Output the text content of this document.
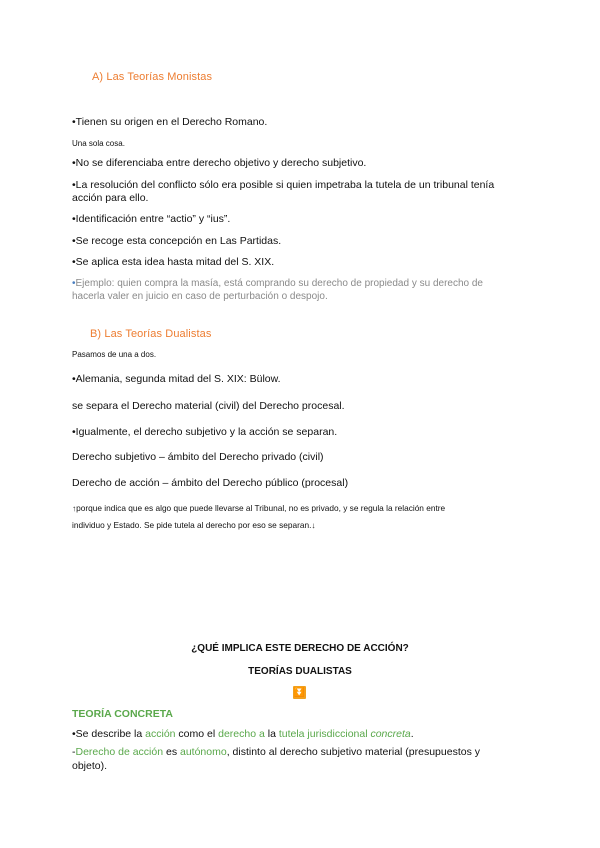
A) Las Teorías Monistas
•Tienen su origen en el Derecho Romano.
Una sola cosa.
•No se diferenciaba entre derecho objetivo y derecho subjetivo.
•La resolución del conflicto sólo era posible si quien impetraba la tutela de un tribunal tenía
acción para ello.
•Identificación entre “actio” y “ius”.
•Se recoge esta concepción en Las Partidas.
•Se aplica esta idea hasta mitad del S. XIX.
•Ejemplo: quien compra la masía, está comprando su derecho de propiedad y su derecho de
hacerla valer en juicio en caso de perturbación o despojo.
B) Las Teorías Dualistas
Pasamos de una a dos.
•Alemania, segunda mitad del S. XIX: Bülow.
se separa el Derecho material (civil) del Derecho procesal.
•Igualmente, el derecho subjetivo y la acción se separan.
Derecho subjetivo – ámbito del Derecho privado (civil)
Derecho de acción – ámbito del Derecho público (procesal)
↑porque indica que es algo que puede llevarse al Tribunal, no es privado, y se regula la relación entre
individuo y Estado. Se pide tutela al derecho por eso se separan.↓
¿QUÉ IMPLICA ESTE DERECHO DE ACCIÓN?
TEORÍAS DUALISTAS
⏬
TEORÍA CONCRETA
•Se describe la acción como el derecho a la tutela jurisdiccional concreta.
-Derecho de acción es autónomo, distinto al derecho subjetivo material (presupuestos y
objeto).
